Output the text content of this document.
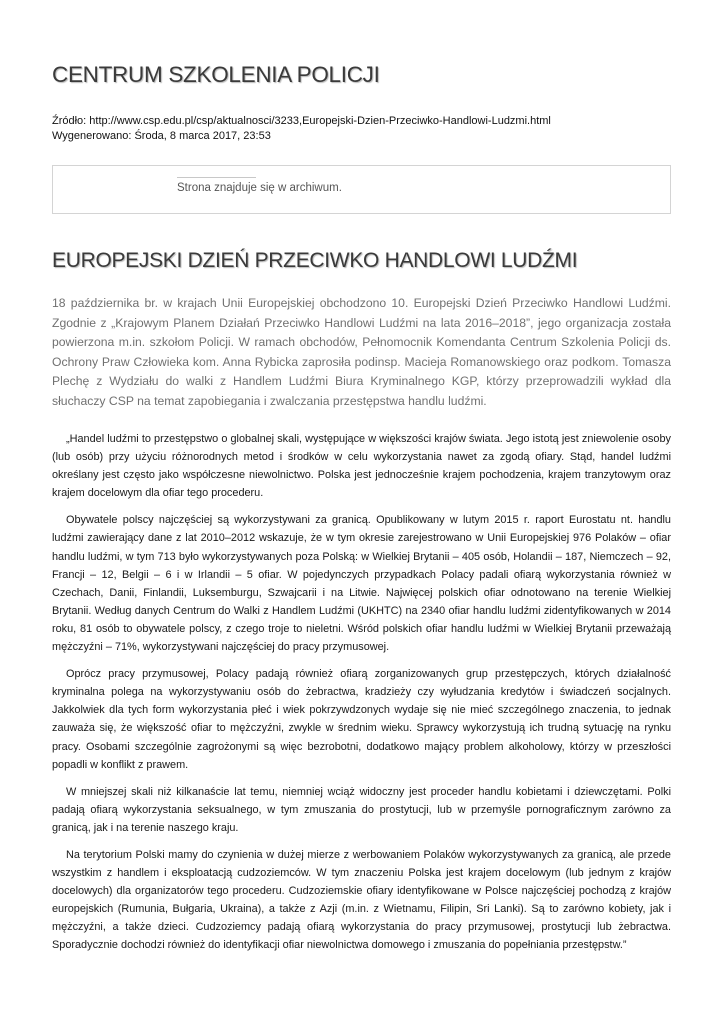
CENTRUM SZKOLENIA POLICJI
Źródło: http://www.csp.edu.pl/csp/aktualnosci/3233,Europejski-Dzien-Przeciwko-Handlowi-Ludzmi.html
Wygenerowano: Środa, 8 marca 2017, 23:53
Strona znajduje się w archiwum.
EUROPEJSKI DZIEŃ PRZECIWKO HANDLOWI LUDŹMI

18 października br. w krajach Unii Europejskiej obchodzono 10. Europejski Dzień Przeciwko Handlowi Ludźmi. Zgodnie z „Krajowym Planem Działań Przeciwko Handlowi Ludźmi na lata 2016–2018”, jego organizacja została powierzona m.in. szkołom Policji. W ramach obchodów, Pełnomocnik Komendanta Centrum Szkolenia Policji ds. Ochrony Praw Człowieka kom. Anna Rybicka zaprosiła podinsp. Macieja Romanowskiego oraz podkom. Tomasza Plechę z Wydziału do walki z Handlem Ludźmi Biura Kryminalnego KGP, którzy przeprowadzili wykład dla słuchaczy CSP na temat zapobiegania i zwalczania przestępstwa handlu ludźmi.

„Handel ludźmi to przestępstwo o globalnej skali, występujące w większości krajów świata. Jego istotą jest zniewolenie osoby (lub osób) przy użyciu różnorodnych metod i środków w celu wykorzystania nawet za zgodą ofiary. Stąd, handel ludźmi określany jest często jako współczesne niewolnictwo. Polska jest jednocześnie krajem pochodzenia, krajem tranzytowym oraz krajem docelowym dla ofiar tego procederu.

Obywatele polscy najczęściej są wykorzystywani za granicą. Opublikowany w lutym 2015 r. raport Eurostatu nt. handlu ludźmi zawierający dane z lat 2010–2012 wskazuje, że w tym okresie zarejestrowano w Unii Europejskiej 976 Polaków – ofiar handlu ludźmi, w tym 713 było wykorzystywanych poza Polską: w Wielkiej Brytanii – 405 osób, Holandii – 187, Niemczech – 92, Francji – 12, Belgii – 6 i w Irlandii – 5 ofiar. W pojedynczych przypadkach Polacy padali ofiarą wykorzystania również w Czechach, Danii, Finlandii, Luksemburgu, Szwajcarii i na Litwie. Najwięcej polskich ofiar odnotowano na terenie Wielkiej Brytanii. Według danych Centrum do Walki z Handlem Ludźmi (UKHTC) na 2340 ofiar handlu ludźmi zidentyfikowanych w 2014 roku, 81 osób to obywatele polscy, z czego troje to nieletni. Wśród polskich ofiar handlu ludźmi w Wielkiej Brytanii przeważają mężczyźni – 71%, wykorzystywani najczęściej do pracy przymusowej.

Oprócz pracy przymusowej, Polacy padają również ofiarą zorganizowanych grup przestępczych, których działalność kryminalna polega na wykorzystywaniu osób do żebractwa, kradzieży czy wyłudzania kredytów i świadczeń socjalnych. Jakkolwiek dla tych form wykorzystania płeć i wiek pokrzywdzonych wydaje się nie mieć szczególnego znaczenia, to jednak zauważa się, że większość ofiar to mężczyźni, zwykle w średnim wieku. Sprawcy wykorzystują ich trudną sytuację na rynku pracy. Osobami szczególnie zagrożonymi są więc bezrobotni, dodatkowo mający problem alkoholowy, którzy w przeszłości popadli w konflikt z prawem.

W mniejszej skali niż kilkanaście lat temu, niemniej wciąż widoczny jest proceder handlu kobietami i dziewczętami. Polki padają ofiarą wykorzystania seksualnego, w tym zmuszania do prostytucji, lub w przemyśle pornograficznym zarówno za granicą, jak i na terenie naszego kraju.

Na terytorium Polski mamy do czynienia w dużej mierze z werbowaniem Polaków wykorzystywanych za granicą, ale przede wszystkim z handlem i eksploatacją cudzoziemców. W tym znaczeniu Polska jest krajem docelowym (lub jednym z krajów docelowych) dla organizatorów tego procederu. Cudzoziemskie ofiary identyfikowane w Polsce najczęściej pochodzą z krajów europejskich (Rumunia, Bułgaria, Ukraina), a także z Azji (m.in. z Wietnamu, Filipin, Sri Lanki). Są to zarówno kobiety, jak i mężczyźni, a także dzieci. Cudzoziemcy padają ofiarą wykorzystania do pracy przymusowej, prostytucji lub żebractwa. Sporadycznie dochodzi również do identyfikacji ofiar niewolnictwa domowego i zmuszania do popełniania przestępstw.”
